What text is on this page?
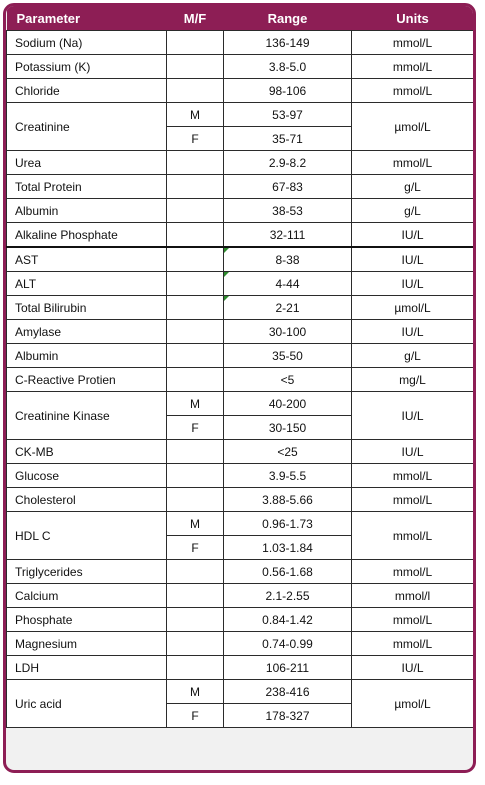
Parameter	M/F	Range	Units
Sodium (Na)		136-149	mmol/L
Potassium (K)		3.8-5.0	mmol/L
Chloride		98-106	mmol/L
Creatinine	M	53-97	µmol/L
	F	35-71	
Urea		2.9-8.2	mmol/L
Total Protein		67-83	g/L
Albumin		38-53	g/L
Alkaline Phosphate		32-111	IU/L
AST		8-38	IU/L
ALT		4-44	IU/L
Total Bilirubin		2-21	µmol/L
Amylase		30-100	IU/L
Albumin		35-50	g/L
C-Reactive Protien		<5	mg/L
Creatinine Kinase	M	40-200	IU/L
	F	30-150	
CK-MB		<25	IU/L
Glucose		3.9-5.5	mmol/L
Cholesterol		3.88-5.66	mmol/L
HDL C	M	0.96-1.73	mmol/L
	F	1.03-1.84	
Triglycerides		0.56-1.68	mmol/L
Calcium		2.1-2.55	mmol/l
Phosphate		0.84-1.42	mmol/L
Magnesium		0.74-0.99	mmol/L
LDH		106-211	IU/L
Uric acid	M	238-416	µmol/L
	F	178-327	
